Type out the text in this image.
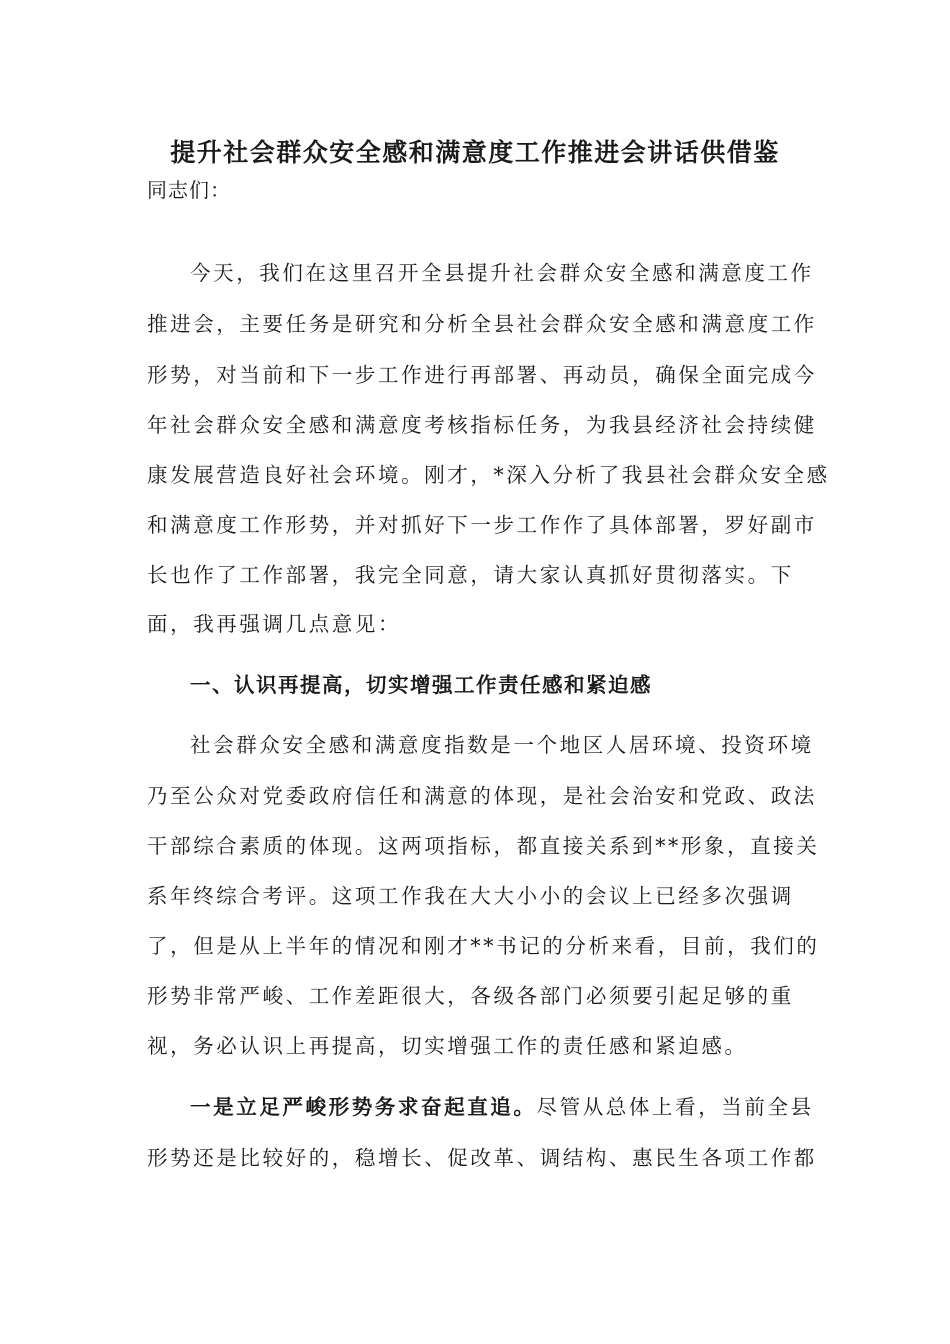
提升社会群众安全感和满意度工作推进会讲话供借鉴
同志们：
今天，我们在这里召开全县提升社会群众安全感和满意度工作
推进会，主要任务是研究和分析全县社会群众安全感和满意度工作
形势，对当前和下一步工作进行再部署、再动员，确保全面完成今
年社会群众安全感和满意度考核指标任务，为我县经济社会持续健
康发展营造良好社会环境。刚才，*深入分析了我县社会群众安全感
和满意度工作形势，并对抓好下一步工作作了具体部署，罗好副市
长也作了工作部署，我完全同意，请大家认真抓好贯彻落实。下
面，我再强调几点意见：
一、认识再提高，切实增强工作责任感和紧迫感
社会群众安全感和满意度指数是一个地区人居环境、投资环境
乃至公众对党委政府信任和满意的体现，是社会治安和党政、政法
干部综合素质的体现。这两项指标，都直接关系到**形象，直接关
系年终综合考评。这项工作我在大大小小的会议上已经多次强调
了，但是从上半年的情况和刚才**书记的分析来看，目前，我们的
形势非常严峻、工作差距很大，各级各部门必须要引起足够的重
视，务必认识上再提高，切实增强工作的责任感和紧迫感。
一是立足严峻形势务求奋起直追。尽管从总体上看，当前全县
形势还是比较好的，稳增长、促改革、调结构、惠民生各项工作都
